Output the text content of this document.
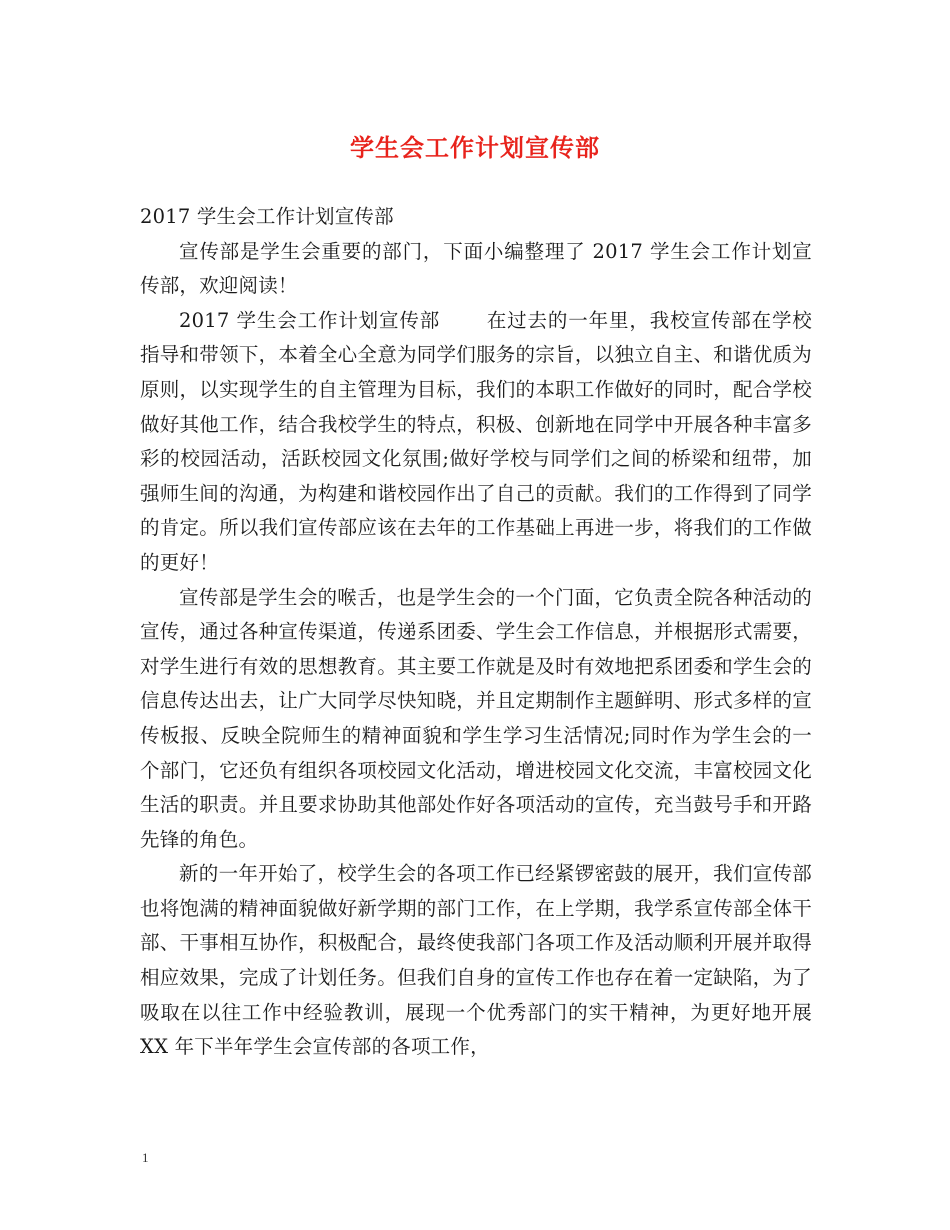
学生会工作计划宣传部

2017 学生会工作计划宣传部

宣传部是学生会重要的部门，下面小编整理了 2017 学生会工作计划宣传部，欢迎阅读！

2017 学生会工作计划宣传部 在过去的一年里，我校宣传部在学校指导和带领下，本着全心全意为同学们服务的宗旨，以独立自主、和谐优质为原则，以实现学生的自主管理为目标，我们的本职工作做好的同时，配合学校做好其他工作，结合我校学生的特点，积极、创新地在同学中开展各种丰富多彩的校园活动，活跃校园文化氛围;做好学校与同学们之间的桥梁和纽带，加强师生间的沟通，为构建和谐校园作出了自己的贡献。我们的工作得到了同学的肯定。所以我们宣传部应该在去年的工作基础上再进一步，将我们的工作做的更好！

宣传部是学生会的喉舌，也是学生会的一个门面，它负责全院各种活动的宣传，通过各种宣传渠道，传递系团委、学生会工作信息，并根据形式需要，对学生进行有效的思想教育。其主要工作就是及时有效地把系团委和学生会的信息传达出去，让广大同学尽快知晓，并且定期制作主题鲜明、形式多样的宣传板报、反映全院师生的精神面貌和学生学习生活情况;同时作为学生会的一个部门，它还负有组织各项校园文化活动，增进校园文化交流，丰富校园文化生活的职责。并且要求协助其他部处作好各项活动的宣传，充当鼓号手和开路先锋的角色。

新的一年开始了，校学生会的各项工作已经紧锣密鼓的展开，我们宣传部也将饱满的精神面貌做好新学期的部门工作，在上学期，我学系宣传部全体干部、干事相互协作，积极配合，最终使我部门各项工作及活动顺利开展并取得相应效果，完成了计划任务。但我们自身的宣传工作也存在着一定缺陷，为了吸取在以往工作中经验教训，展现一个优秀部门的实干精神，为更好地开展 XX 年下半年学生会宣传部的各项工作，

1
